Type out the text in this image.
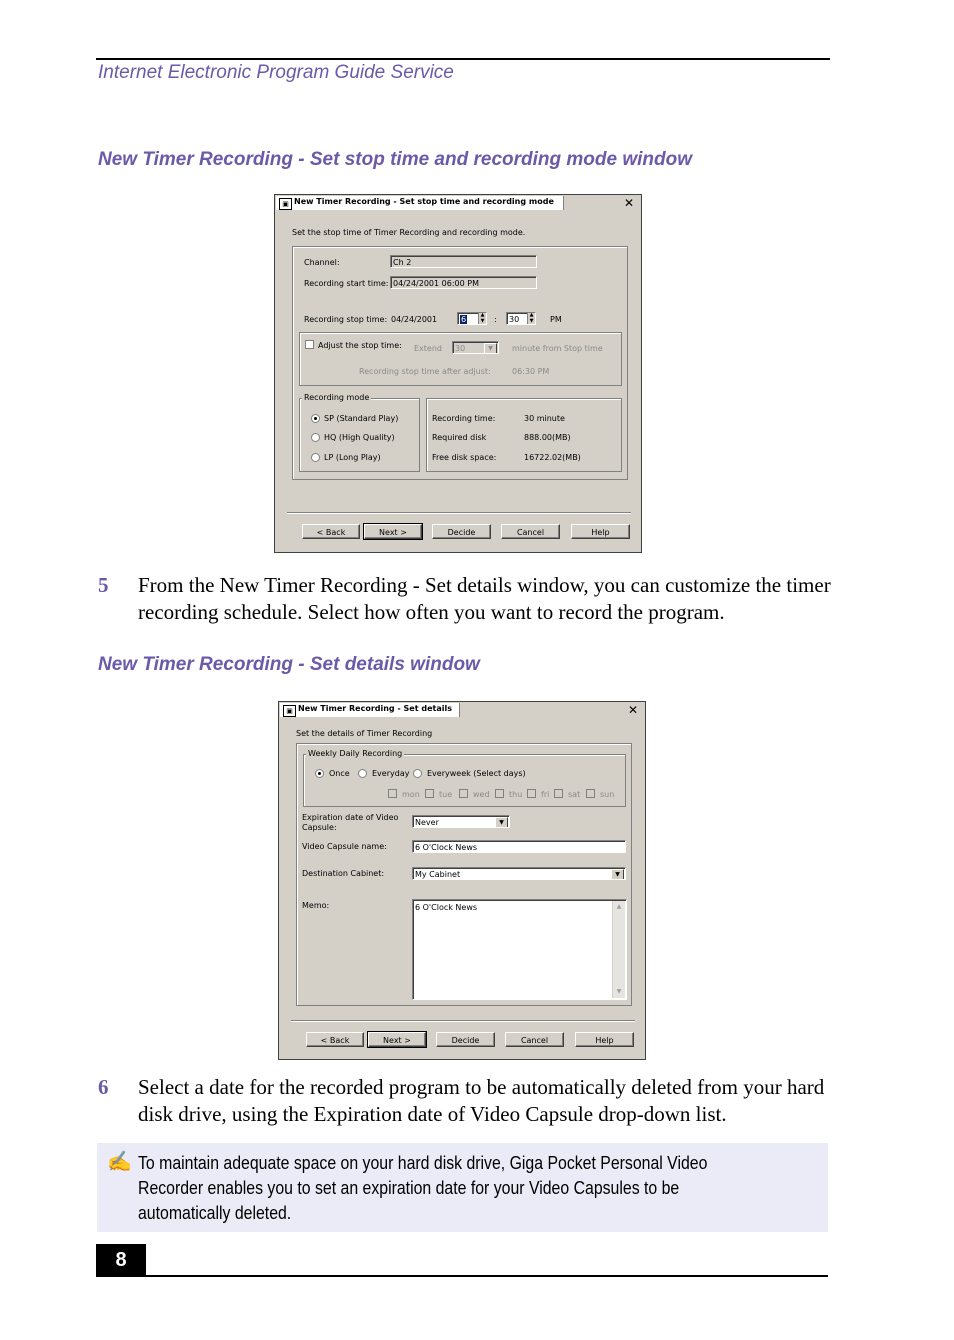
Internet Electronic Program Guide Service
New Timer Recording - Set stop time and recording mode window
▣ New Timer Recording - Set stop time and recording mode	✕
Set the stop time of Timer Recording and recording mode.
Channel:	Ch 2
Recording start time: 04/24/2001 06:00 PM
Recording stop time: 04/24/2001	6	▲
▼ :	30	▲
▼ PM
Adjust the stop time: Extend	30	▼	minute from Stop time
Recording stop time after adjust:	06:30 PM
Recording mode
SP (Standard Play)
HQ (High Quality)
LP (Long Play)
Recording time:	30 minute
Required disk	888.00(MB)
Free disk space:	16722.02(MB)
< Back	Next >	Decide	Cancel	Help
5 From the New Timer Recording - Set details window, you can customize the timer recording schedule. Select how often you want to record the program.
New Timer Recording - Set details window
▣ New Timer Recording - Set details	✕
Set the details of Timer Recording
Weekly Daily Recording
Once	Everyday Everyweek (Select days)
mon tue	wed thu fri sat sun
Expiration date of Video Capsule:
Never	▼
Video Capsule name:	6 O'Clock News
Destination Cabinet:	My Cabinet	▼
Memo:	6 O'Clock News	▲
▼
< Back	Next >	Decide	Cancel	Help
6 Select a date for the recorded program to be automatically deleted from your hard disk drive, using the Expiration date of Video Capsule drop-down list.
✍ To maintain adequate space on your hard disk drive, Giga Pocket Personal Video
Recorder enables you to set an expiration date for your Video Capsules to be
automatically deleted.
8
